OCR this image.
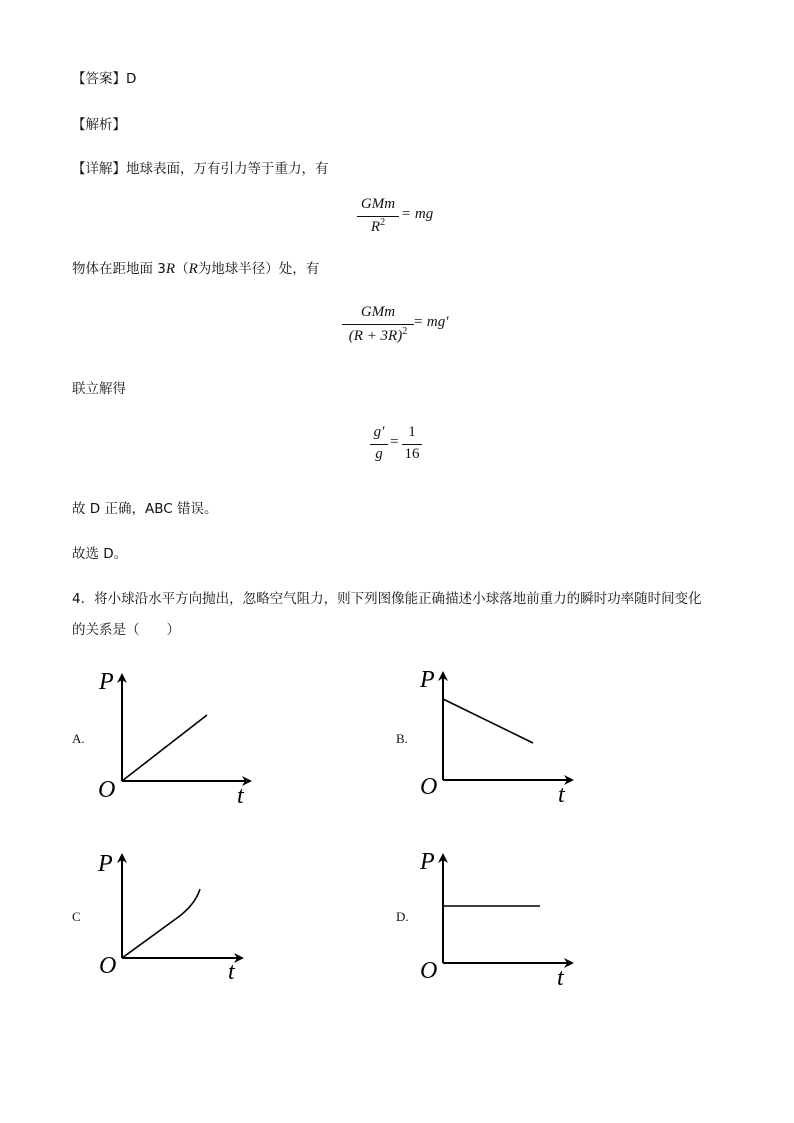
【答案】D
【解析】
【详解】地球表面，万有引力等于重力，有
GMm
$R^2$
= mg
物体在距地面 3R（R为地球半径）处，有
GMm
$(R + 3R)^2$
= mg′
联立解得
g′
g
=
1
16
故 D 正确，ABC 错误。
故选 D。
4．将小球沿水平方向抛出，忽略空气阻力，则下列图像能正确描述小球落地前重力的瞬时功率随时间变化
的关系是（　　）
A.
P
O	t
B.
P
O	t
C
P
O	t
D.
P
O	t
